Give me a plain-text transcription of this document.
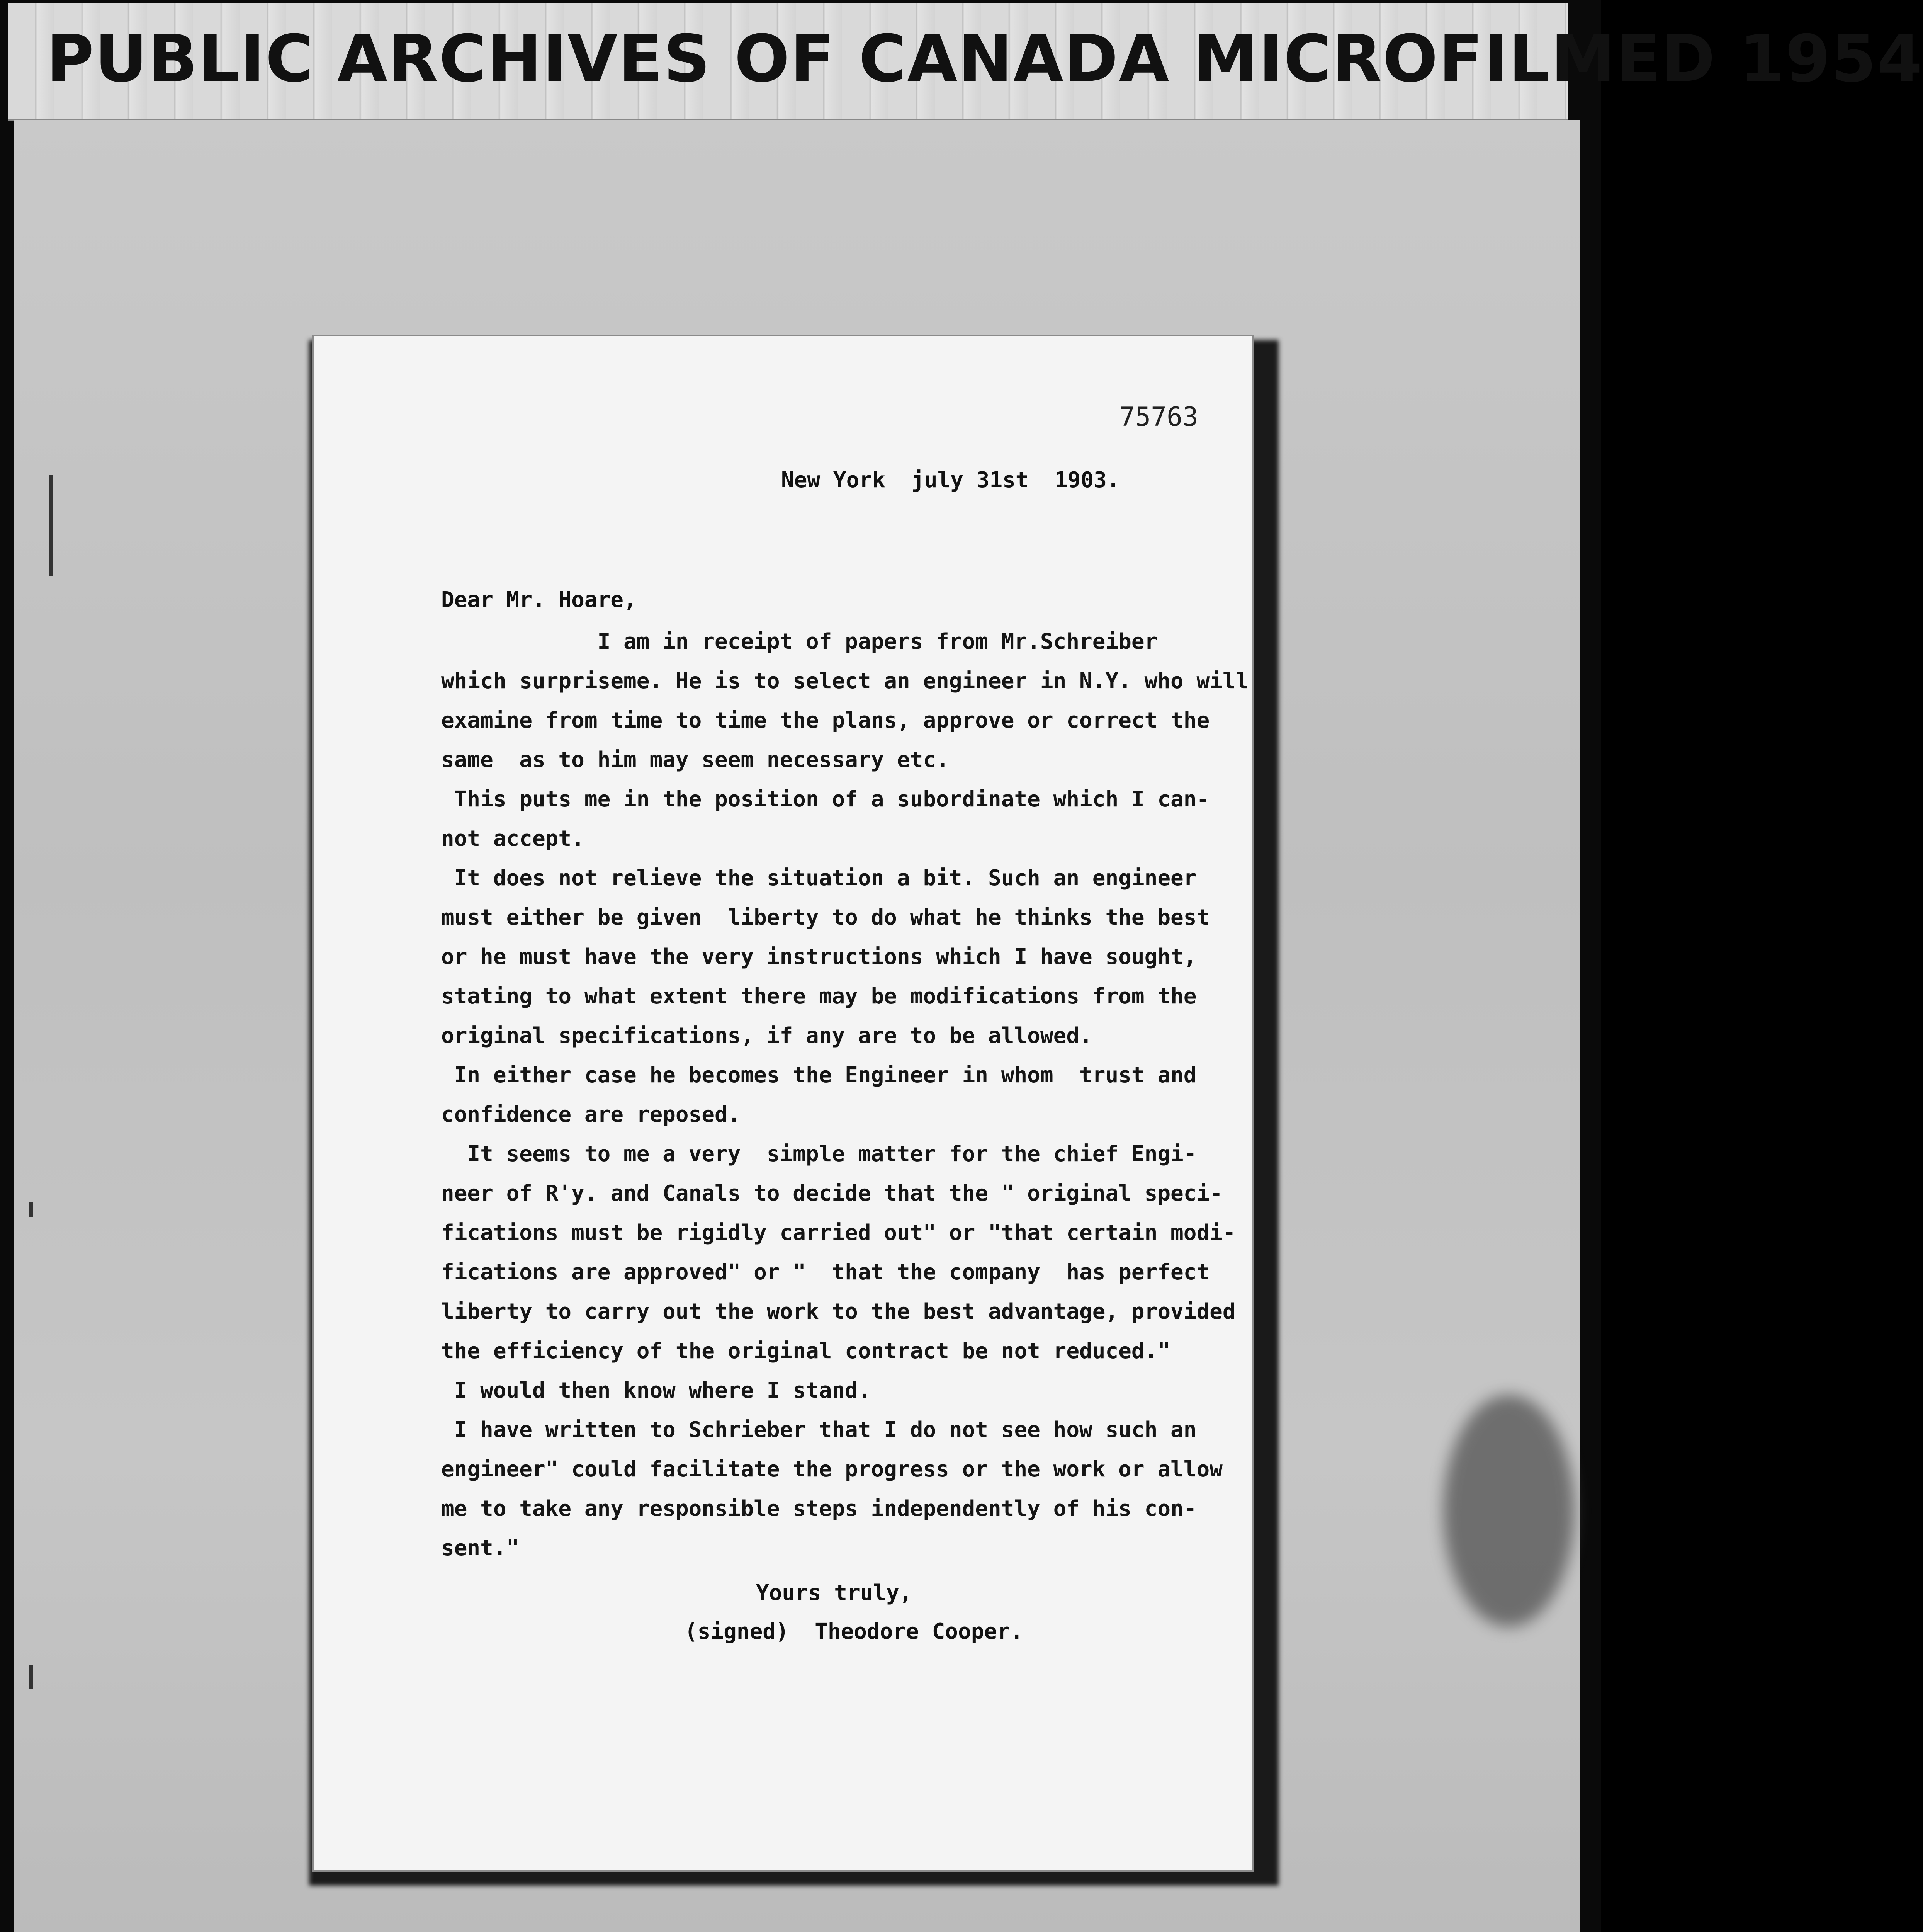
PUBLIC ARCHIVES OF CANADA MICROFILMED 1954
75763
New York  july 31st  1903.
Dear Mr. Hoare,
I am in receipt of papers from Mr.Schreiber
which surpriseme. He is to select an engineer in N.Y. who will
examine from time to time the plans, approve or correct the
same  as to him may seem necessary etc.
This puts me in the position of a subordinate which I can-
not accept.
It does not relieve the situation a bit. Such an engineer
must either be given  liberty to do what he thinks the best
or he must have the very instructions which I have sought,
stating to what extent there may be modifications from the
original specifications, if any are to be allowed.
In either case he becomes the Engineer in whom  trust and
confidence are reposed.
It seems to me a very  simple matter for the chief Engi-
neer of R'y. and Canals to decide that the " original speci-
fications must be rigidly carried out" or "that certain modi-
fications are approved" or "  that the company  has perfect
liberty to carry out the work to the best advantage, provided
the efficiency of the original contract be not reduced."
I would then know where I stand.
I have written to Schrieber that I do not see how such an
engineer" could facilitate the progress or the work or allow
me to take any responsible steps independently of his con-
sent."
Yours truly,
(signed)  Theodore Cooper.
